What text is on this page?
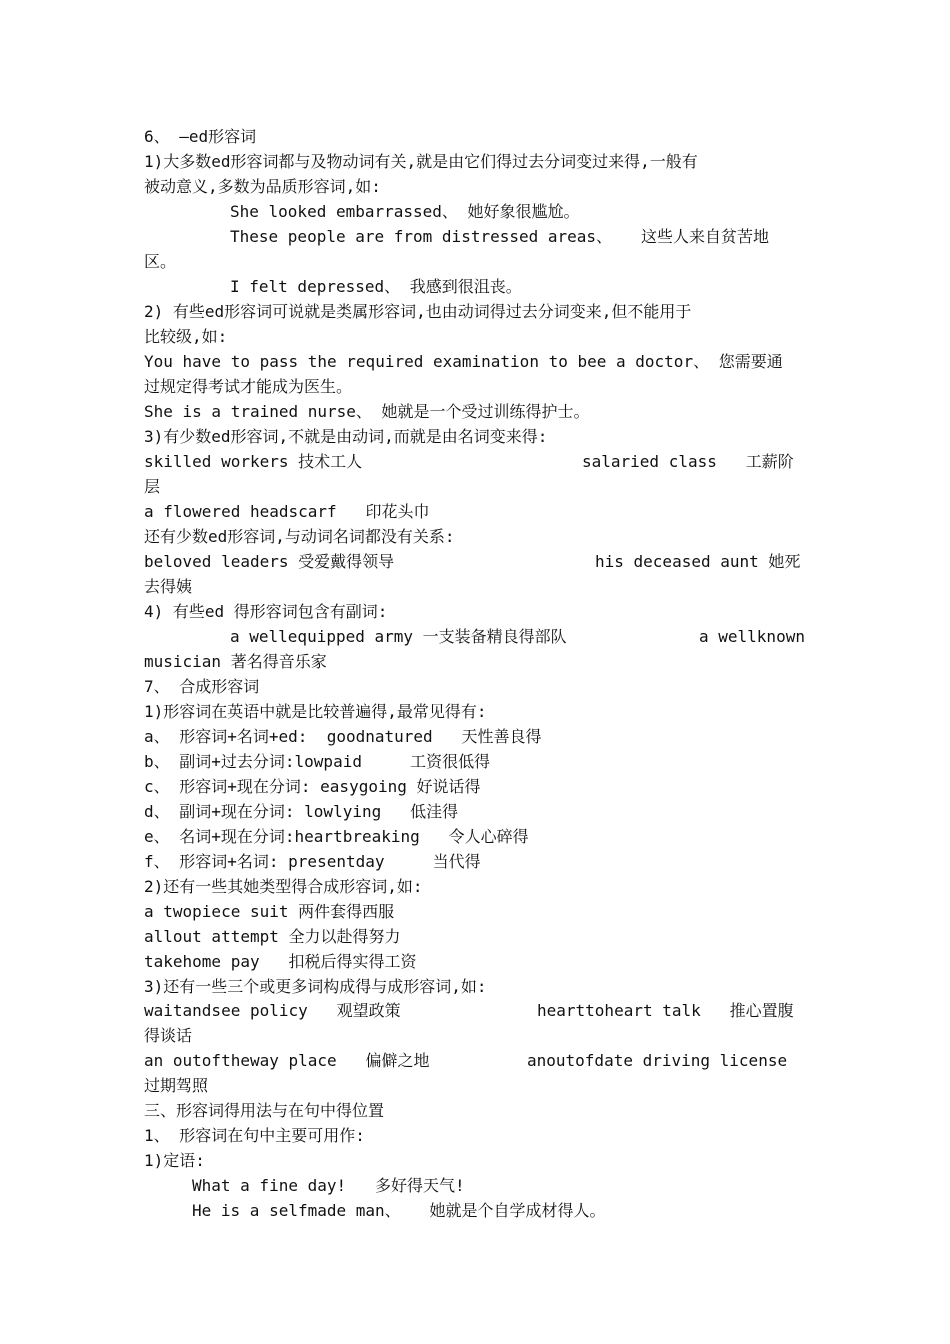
6、 –ed形容词
1)大多数ed形容词都与及物动词有关,就是由它们得过去分词变过来得,一般有
被动意义,多数为品质形容词,如:
She looked embarrassed、 她好象很尴尬。
These people are from distressed areas、   这些人来自贫苦地
区。
I felt depressed、 我感到很沮丧。
2) 有些ed形容词可说就是类属形容词,也由动词得过去分词变来,但不能用于
比较级,如:
You have to pass the required examination to bee a doctor、 您需要通
过规定得考试才能成为医生。
She is a trained nurse、 她就是一个受过训练得护士。
3)有少数ed形容词,不就是由动词,而就是由名词变来得:
skilled workers 技术工人	salaried class   工薪阶
层
a flowered headscarf   印花头巾
还有少数ed形容词,与动词名词都没有关系:
beloved leaders 受爱戴得领导	his deceased aunt 她死
去得姨
4) 有些ed 得形容词包含有副词:
a wellequipped army 一支装备精良得部队	a wellknown
musician 著名得音乐家
7、 合成形容词
1)形容词在英语中就是比较普遍得,最常见得有:
a、 形容词+名词+ed:  goodnatured   天性善良得
b、 副词+过去分词:lowpaid     工资很低得
c、 形容词+现在分词: easygoing 好说话得
d、 副词+现在分词: lowlying   低洼得
e、 名词+现在分词:heartbreaking   令人心碎得
f、 形容词+名词: presentday     当代得
2)还有一些其她类型得合成形容词,如:
a twopiece suit 两件套得西服
allout attempt 全力以赴得努力
takehome pay   扣税后得实得工资
3)还有一些三个或更多词构成得与成形容词,如:
waitandsee policy   观望政策	hearttoheart talk   推心置腹
得谈话
an outoftheway place   偏僻之地	anoutofdate driving license
过期驾照
三、形容词得用法与在句中得位置
1、 形容词在句中主要可用作:
1)定语:
What a fine day!   多好得天气!
He is a selfmade man、   她就是个自学成材得人。
